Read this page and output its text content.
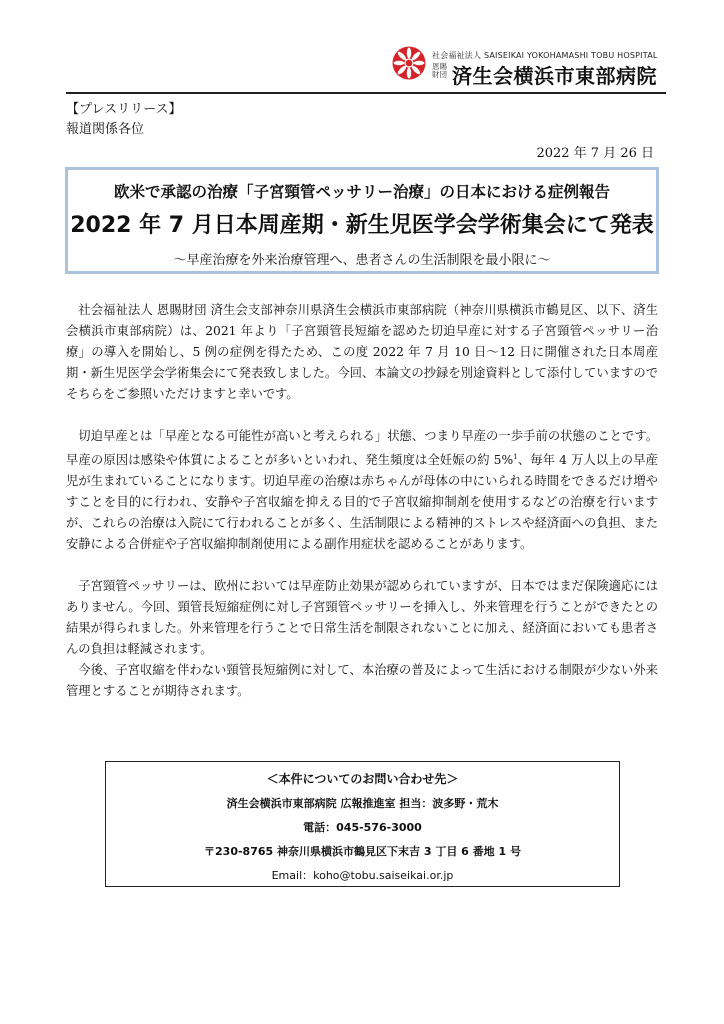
社会福祉法人 SAISEIKAI YOKOHAMASHI TOBU HOSPITAL
恩賜財団 済生会横浜市東部病院
【プレスリリース】
報道関係各位
2022 年 7 月 26 日
欧米で承認の治療「子宮頸管ペッサリー治療」の日本における症例報告
2022 年 7 月日本周産期・新生児医学会学術集会にて発表
～早産治療を外来治療管理へ、患者さんの生活制限を最小限に～

社会福祉法人 恩賜財団 済生会支部神奈川県済生会横浜市東部病院（神奈川県横浜市鶴見区、以下、済生会横浜市東部病院）は、2021 年より「子宮頸管長短縮を認めた切迫早産に対する子宮頸管ペッサリー治療」の導入を開始し、5 例の症例を得たため、この度 2022 年 7 月 10 日～12 日に開催された日本周産期・新生児医学会学術集会にて発表致しました。今回、本論文の抄録を別途資料として添付していますのでそちらをご参照いただけますと幸いです。

切迫早産とは「早産となる可能性が高いと考えられる」状態、つまり早産の一歩手前の状態のことです。早産の原因は感染や体質によることが多いといわれ、発生頻度は全妊娠の約 5%$^1$、毎年 4 万人以上の早産児が生まれていることになります。切迫早産の治療は赤ちゃんが母体の中にいられる時間をできるだけ増やすことを目的に行われ、安静や子宮収縮を抑える目的で子宮収縮抑制剤を使用するなどの治療を行いますが、これらの治療は入院にて行われることが多く、生活制限による精神的ストレスや経済面への負担、また安静による合併症や子宮収縮抑制剤使用による副作用症状を認めることがあります。

子宮頸管ペッサリーは、欧州においては早産防止効果が認められていますが、日本ではまだ保険適応にはありません。今回、頸管長短縮症例に対し子宮頸管ペッサリーを挿入し、外来管理を行うことができたとの結果が得られました。外来管理を行うことで日常生活を制限されないことに加え、経済面においても患者さんの負担は軽減されます。

今後、子宮収縮を伴わない頸管長短縮例に対して、本治療の普及によって生活における制限が少ない外来管理とすることが期待されます。

＜本件についてのお問い合わせ先＞
済生会横浜市東部病院 広報推進室 担当：波多野・荒木
電話：045-576-3000
〒230-8765 神奈川県横浜市鶴見区下末吉 3 丁目 6 番地 1 号
Email：koho@tobu.saiseikai.or.jp
